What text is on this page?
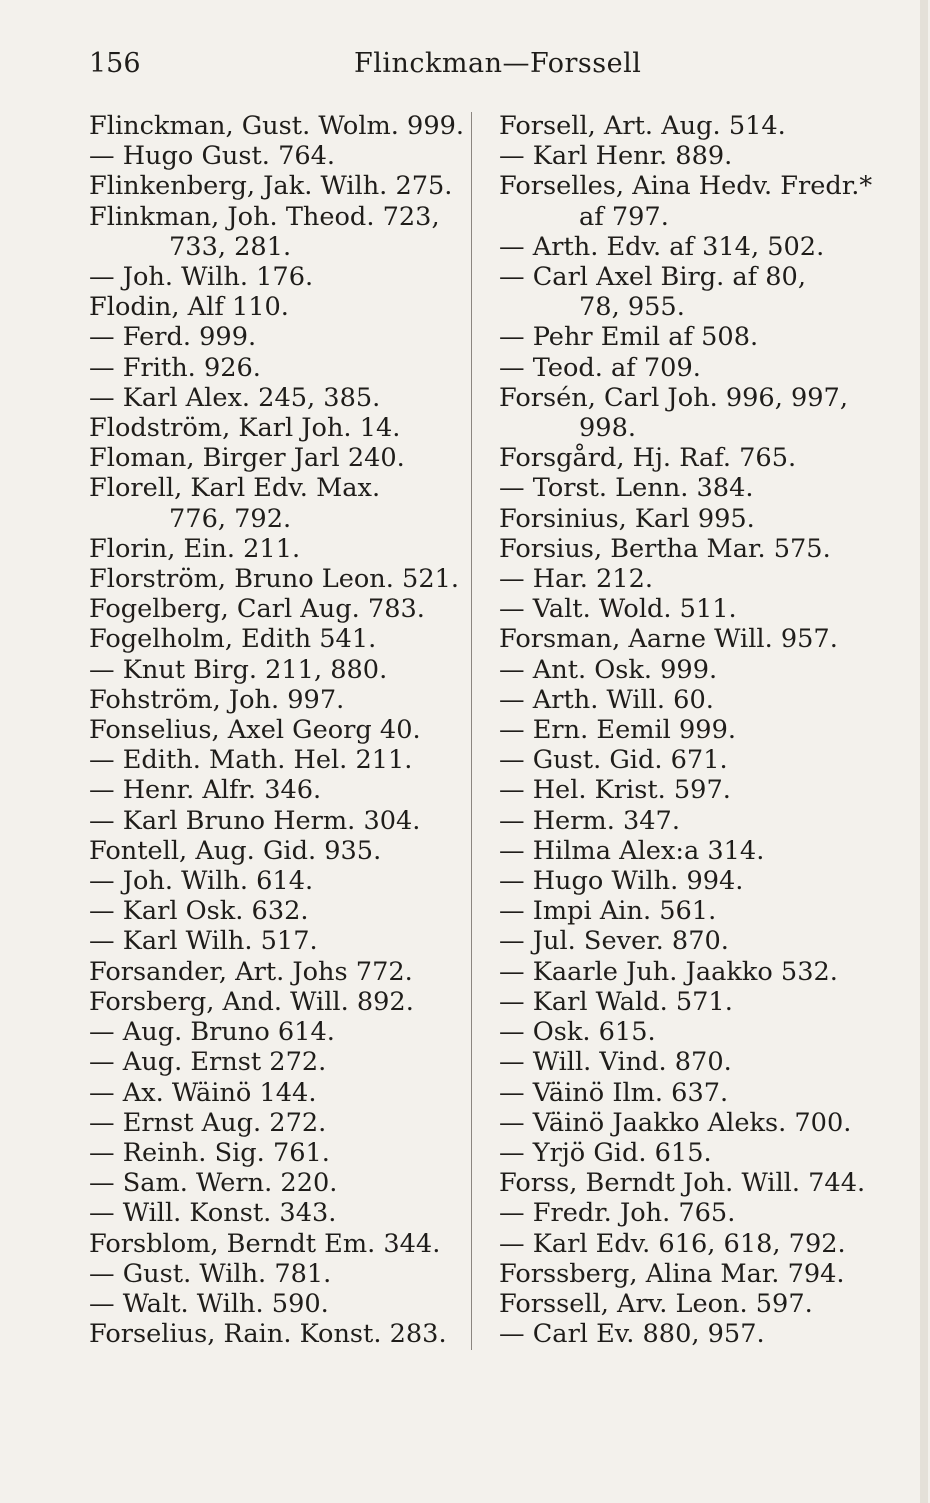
156	Flinckman—Forssell
Flinckman, Gust. Wolm. 999.
— Hugo Gust. 764.
Flinkenberg, Jak. Wilh. 275.
Flinkman, Joh. Theod. 723,
733, 281.
— Joh. Wilh. 176.
Flodin, Alf 110.
— Ferd. 999.
— Frith. 926.
— Karl Alex. 245, 385.
Flodström, Karl Joh. 14.
Floman, Birger Jarl 240.
Florell, Karl Edv. Max.
776, 792.
Florin, Ein. 211.
Florström, Bruno Leon. 521.
Fogelberg, Carl Aug. 783.
Fogelholm, Edith 541.
— Knut Birg. 211, 880.
Fohström, Joh. 997.
Fonselius, Axel Georg 40.
— Edith. Math. Hel. 211.
— Henr. Alfr. 346.
— Karl Bruno Herm. 304.
Fontell, Aug. Gid. 935.
— Joh. Wilh. 614.
— Karl Osk. 632.
— Karl Wilh. 517.
Forsander, Art. Johs 772.
Forsberg, And. Will. 892.
— Aug. Bruno 614.
— Aug. Ernst 272.
— Ax. Wäinö 144.
— Ernst Aug. 272.
— Reinh. Sig. 761.
— Sam. Wern. 220.
— Will. Konst. 343.
Forsblom, Berndt Em. 344.
— Gust. Wilh. 781.
— Walt. Wilh. 590.
Forselius, Rain. Konst. 283.
Forsell, Art. Aug. 514.
— Karl Henr. 889.
Forselles, Aina Hedv. Fredr.*
af 797.
— Arth. Edv. af 314, 502.
— Carl Axel Birg. af 80,
78, 955.
— Pehr Emil af 508.
— Teod. af 709.
Forsén, Carl Joh. 996, 997,
998.
Forsgård, Hj. Raf. 765.
— Torst. Lenn. 384.
Forsinius, Karl 995.
Forsius, Bertha Mar. 575.
— Har. 212.
— Valt. Wold. 511.
Forsman, Aarne Will. 957.
— Ant. Osk. 999.
— Arth. Will. 60.
— Ern. Eemil 999.
— Gust. Gid. 671.
— Hel. Krist. 597.
— Herm. 347.
— Hilma Alex:a 314.
— Hugo Wilh. 994.
— Impi Ain. 561.
— Jul. Sever. 870.
— Kaarle Juh. Jaakko 532.
— Karl Wald. 571.
— Osk. 615.
— Will. Vind. 870.
— Väinö Ilm. 637.
— Väinö Jaakko Aleks. 700.
— Yrjö Gid. 615.
Forss, Berndt Joh. Will. 744.
— Fredr. Joh. 765.
— Karl Edv. 616, 618, 792.
Forssberg, Alina Mar. 794.
Forssell, Arv. Leon. 597.
— Carl Ev. 880, 957.
